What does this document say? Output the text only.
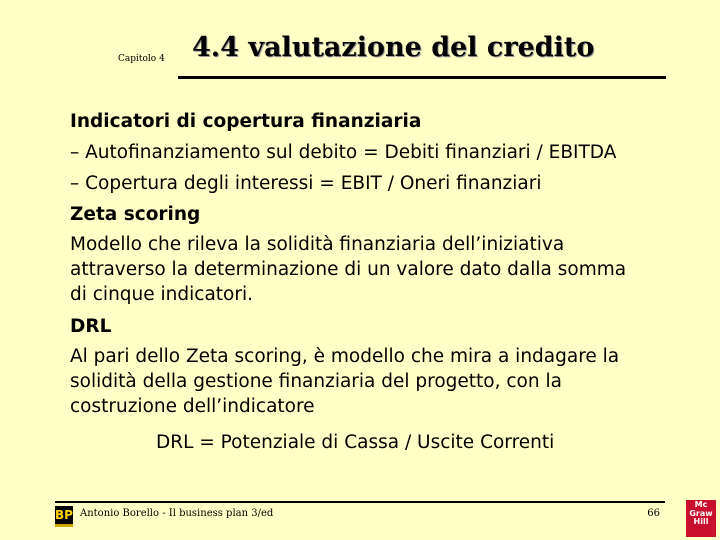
Capitolo 4 4.4 valutazione del credito
Indicatori di copertura finanziaria
– Autofinanziamento sul debito = Debiti finanziari / EBITDA
– Copertura degli interessi = EBIT / Oneri finanziari
Zeta scoring
Modello che rileva la solidità finanziaria dell’iniziativa
attraverso la determinazione di un valore dato dalla somma
di cinque indicatori.
DRL
Al pari dello Zeta scoring, è modello che mira a indagare la
solidità della gestione finanziaria del progetto, con la
costruzione dell’indicatore
DRL = Potenziale di Cassa / Uscite Correnti
BP Antonio Borello - Il business plan 3/ed	66
Mc
Graw
Hill
